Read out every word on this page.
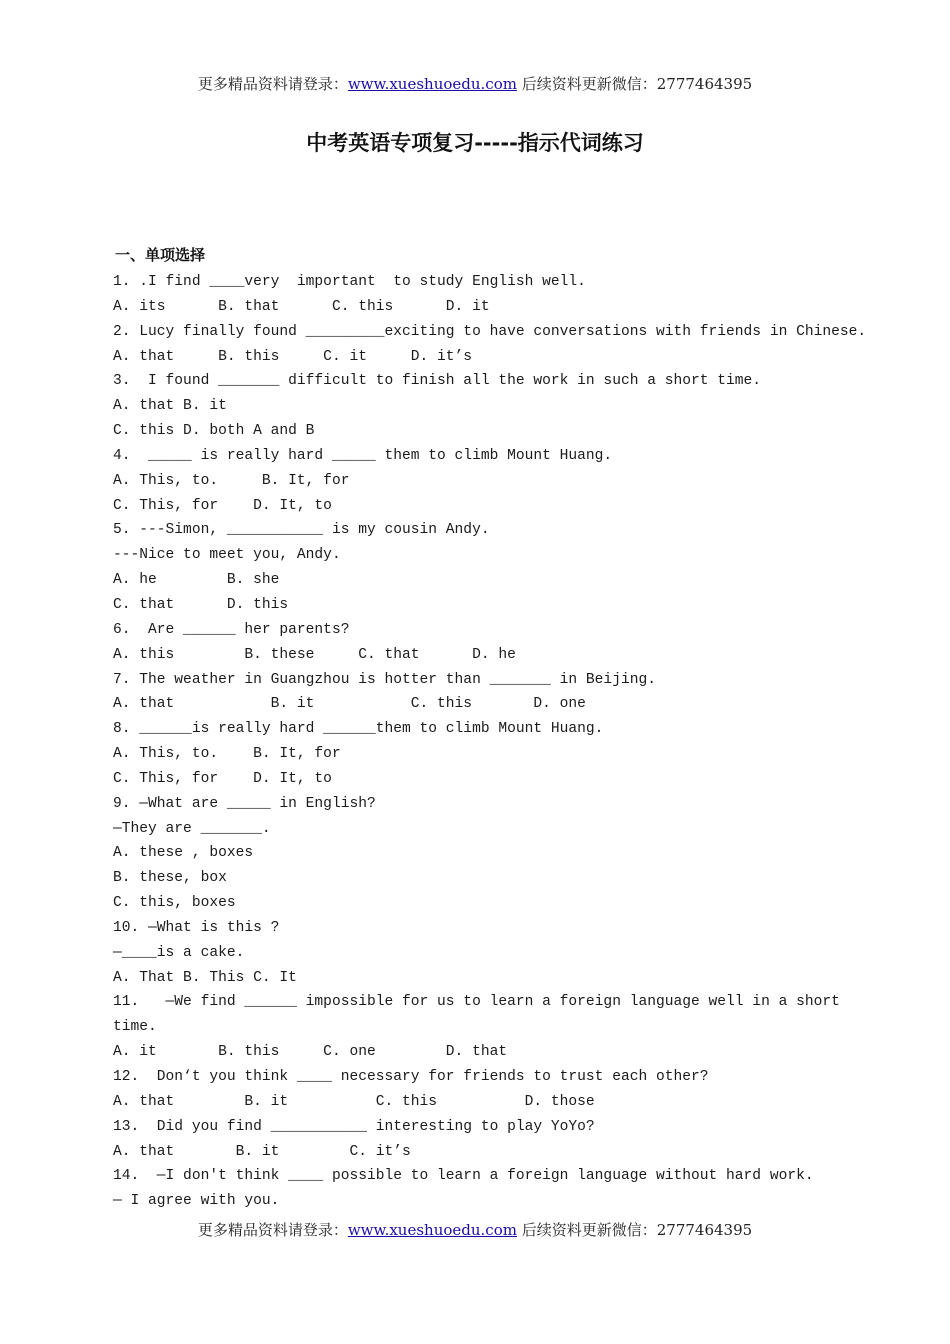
更多精品资料请登录：www.xueshuoedu.com 后续资料更新微信：2777464395
中考英语专项复习-----指示代词练习
一、单项选择
1. .I find ____very  important  to study English well.
A. its      B. that      C. this      D. it
2. Lucy finally found _________exciting to have conversations with friends in Chinese.
A. that     B. this     C. it     D. it’s
3.  I found _______ difficult to finish all the work in such a short time.
A. that B. it
C. this D. both A and B
4.  _____ is really hard _____ them to climb Mount Huang.
A. This, to.     B. It, for
C. This, for    D. It, to
5. ---Simon, ___________ is my cousin Andy.
---Nice to meet you, Andy.
A. he        B. she
C. that      D. this
6.  Are ______ her parents?
A. this        B. these     C. that      D. he
7. The weather in Guangzhou is hotter than _______ in Beijing.
A. that           B. it           C. this       D. one
8. ______is really hard ______them to climb Mount Huang.
A. This, to.    B. It, for
C. This, for    D. It, to
9. —What are _____ in English?
—They are _______.
A. these , boxes
B. these, box
C. this, boxes
10. —What is this ?
—____is a cake.
A. That B. This C. It
11.   —We find ______ impossible for us to learn a foreign language well in a short
time.
A. it       B. this     C. one        D. that
12.  Don‘t you think ____ necessary for friends to trust each other?
A. that        B. it          C. this          D. those
13.  Did you find ___________ interesting to play YoYo?
A. that       B. it        C. it’s
14.  —I don't think ____ possible to learn a foreign language without hard work.
— I agree with you.
更多精品资料请登录：www.xueshuoedu.com 后续资料更新微信：2777464395
